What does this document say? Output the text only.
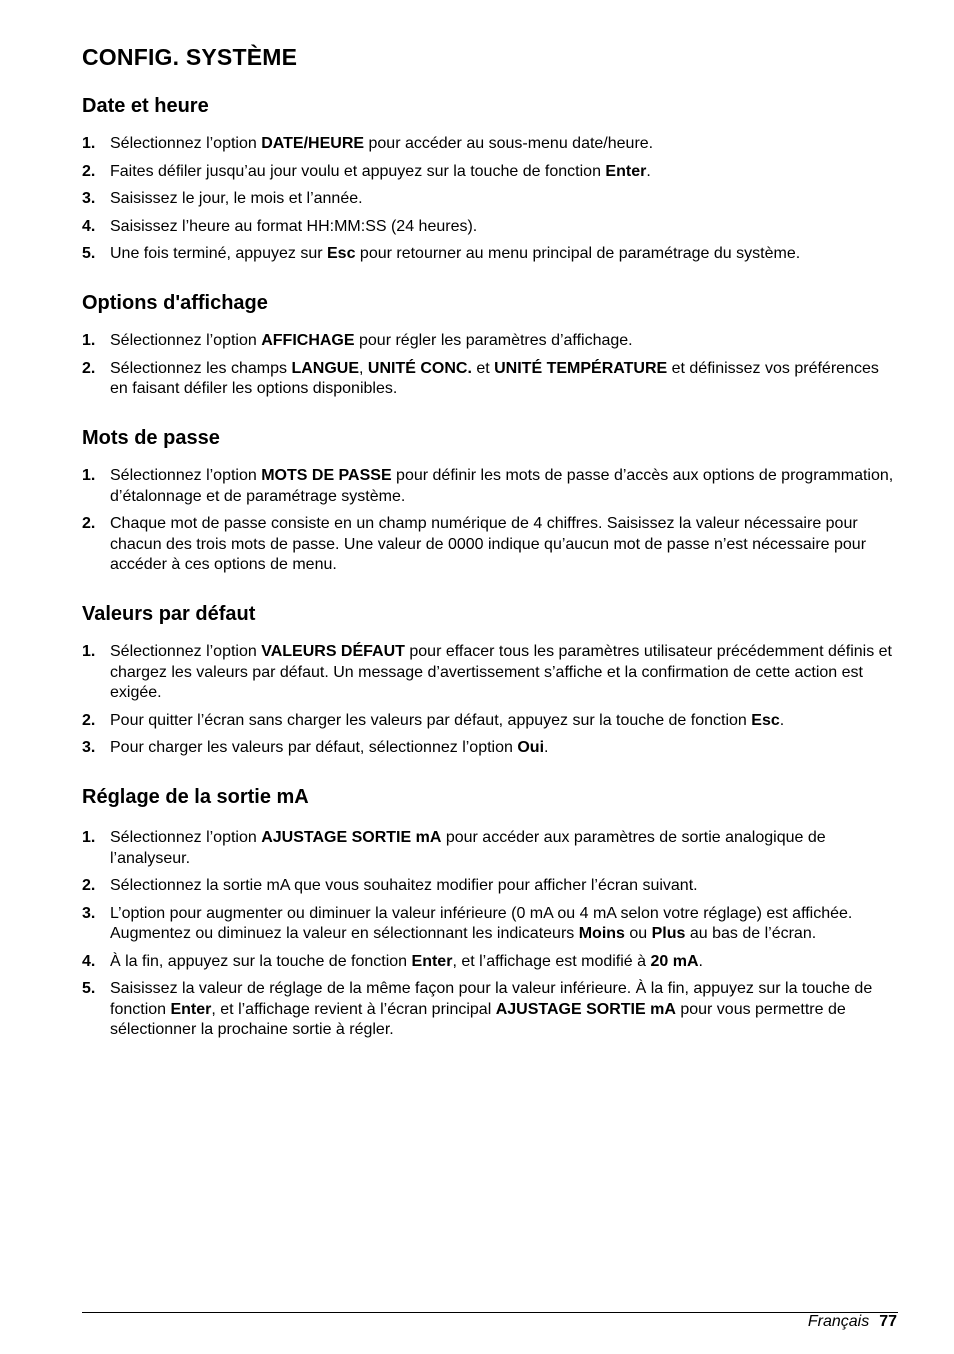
CONFIG. SYSTÈME
Date et heure
1. Sélectionnez l’option DATE/HEURE pour accéder au sous-menu date/heure.
2. Faites défiler jusqu’au jour voulu et appuyez sur la touche de fonction Enter.
3. Saisissez le jour, le mois et l’année.
4. Saisissez l’heure au format HH:MM:SS (24 heures).
5. Une fois terminé, appuyez sur Esc pour retourner au menu principal de paramétrage du système.
Options d'affichage
1. Sélectionnez l’option AFFICHAGE pour régler les paramètres d’affichage.
2. Sélectionnez les champs LANGUE, UNITÉ CONC. et UNITÉ TEMPÉRATURE et définissez vos préférences en faisant défiler les options disponibles.
Mots de passe
1. Sélectionnez l’option MOTS DE PASSE pour définir les mots de passe d’accès aux options de programmation, d’étalonnage et de paramétrage système.
2. Chaque mot de passe consiste en un champ numérique de 4 chiffres. Saisissez la valeur nécessaire pour chacun des trois mots de passe. Une valeur de 0000 indique qu’aucun mot de passe n’est nécessaire pour accéder à ces options de menu.
Valeurs par défaut
1. Sélectionnez l’option VALEURS DÉFAUT pour effacer tous les paramètres utilisateur précédemment définis et chargez les valeurs par défaut. Un message d’avertissement s’affiche et la confirmation de cette action est exigée.
2. Pour quitter l’écran sans charger les valeurs par défaut, appuyez sur la touche de fonction Esc.
3. Pour charger les valeurs par défaut, sélectionnez l’option Oui.
Réglage de la sortie mA
1. Sélectionnez l’option AJUSTAGE SORTIE mA pour accéder aux paramètres de sortie analogique de l’analyseur.
2. Sélectionnez la sortie mA que vous souhaitez modifier pour afficher l’écran suivant.
3. L’option pour augmenter ou diminuer la valeur inférieure (0 mA ou 4 mA selon votre réglage) est affichée. Augmentez ou diminuez la valeur en sélectionnant les indicateurs Moins ou Plus au bas de l’écran.
4. À la fin, appuyez sur la touche de fonction Enter, et l’affichage est modifié à 20 mA.
5. Saisissez la valeur de réglage de la même façon pour la valeur inférieure. À la fin, appuyez sur la touche de fonction Enter, et l’affichage revient à l’écran principal AJUSTAGE SORTIE mA pour vous permettre de sélectionner la prochaine sortie à régler.
Français 77
